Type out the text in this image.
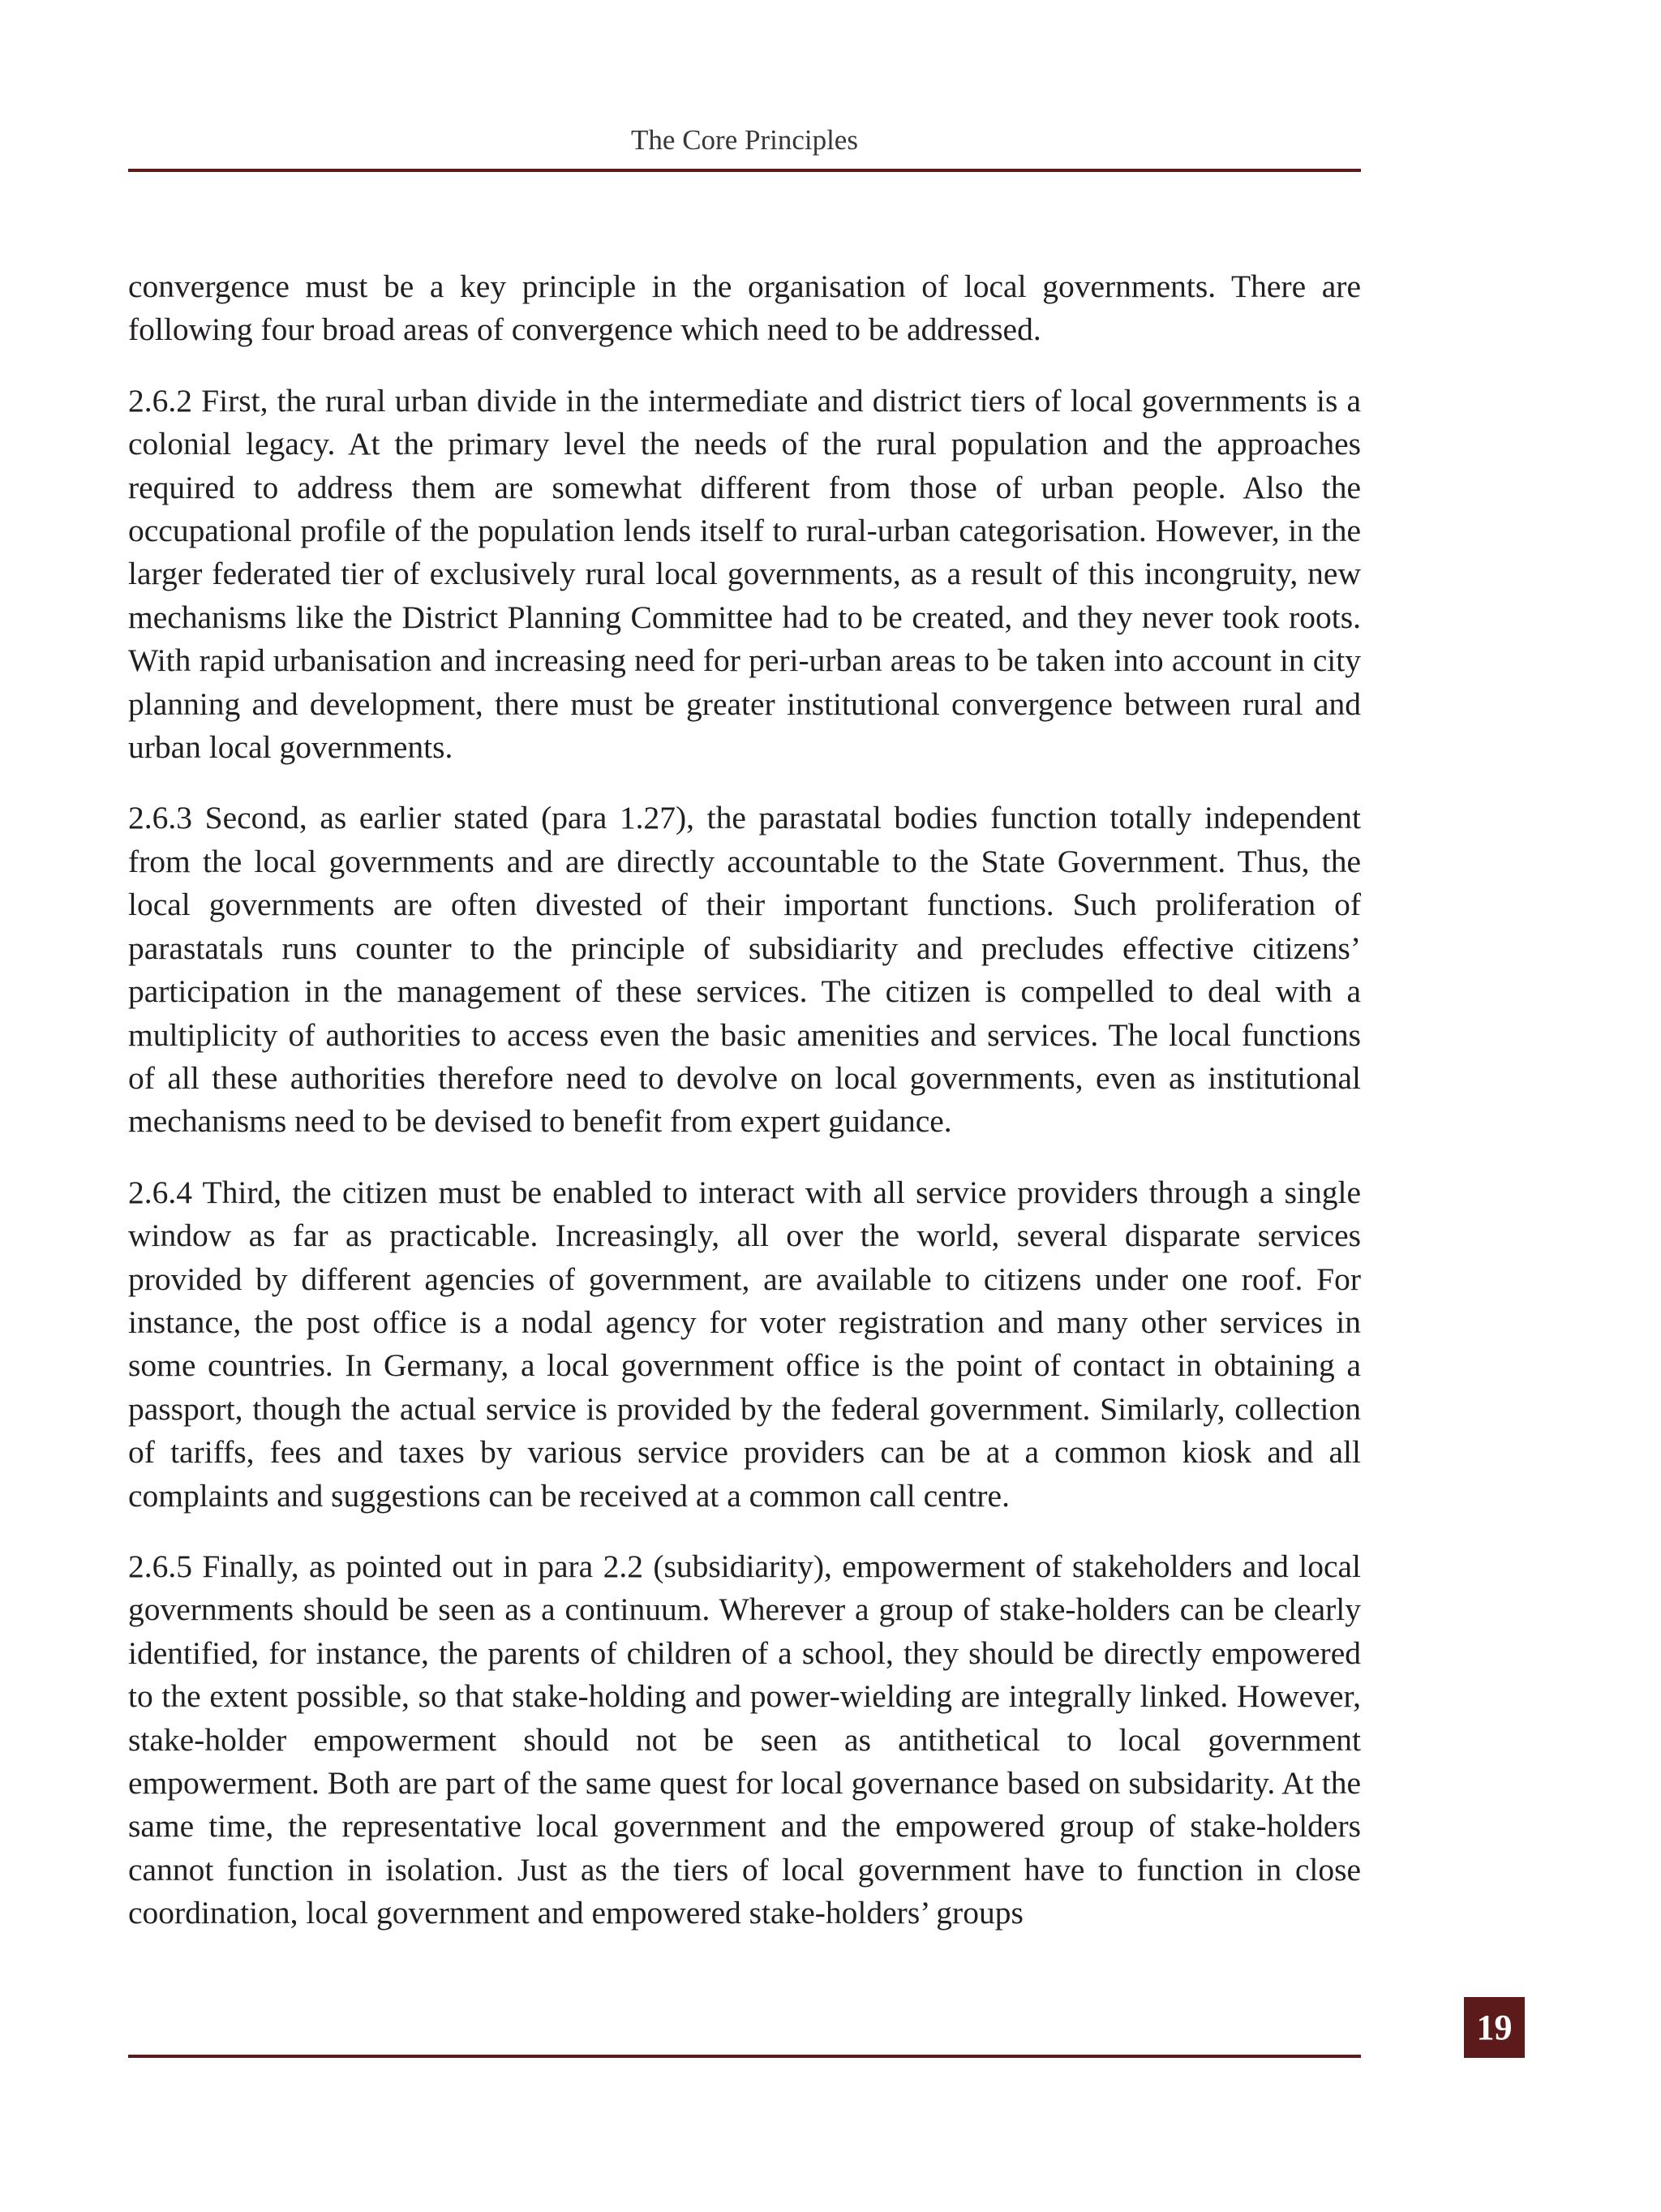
The Core Principles

convergence must be a key principle in the organisation of local governments. There are following four broad areas of convergence which need to be addressed.

2.6.2 First, the rural urban divide in the intermediate and district tiers of local governments is a colonial legacy. At the primary level the needs of the rural population and the approaches required to address them are somewhat different from those of urban people. Also the occupational profile of the population lends itself to rural-urban categorisation. However, in the larger federated tier of exclusively rural local governments, as a result of this incongruity, new mechanisms like the District Planning Committee had to be created, and they never took roots. With rapid urbanisation and increasing need for peri-urban areas to be taken into account in city planning and development, there must be greater institutional convergence between rural and urban local governments.

2.6.3 Second, as earlier stated (para 1.27), the parastatal bodies function totally independent from the local governments and are directly accountable to the State Government. Thus, the local governments are often divested of their important functions. Such proliferation of parastatals runs counter to the principle of subsidiarity and precludes effective citizens’ participation in the management of these services. The citizen is compelled to deal with a multiplicity of authorities to access even the basic amenities and services. The local functions of all these authorities therefore need to devolve on local governments, even as institutional mechanisms need to be devised to benefit from expert guidance.

2.6.4 Third, the citizen must be enabled to interact with all service providers through a single window as far as practicable. Increasingly, all over the world, several disparate services provided by different agencies of government, are available to citizens under one roof. For instance, the post office is a nodal agency for voter registration and many other services in some countries. In Germany, a local government office is the point of contact in obtaining a passport, though the actual service is provided by the federal government. Similarly, collection of tariffs, fees and taxes by various service providers can be at a common kiosk and all complaints and suggestions can be received at a common call centre.

2.6.5 Finally, as pointed out in para 2.2 (subsidiarity), empowerment of stakeholders and local governments should be seen as a continuum. Wherever a group of stake-holders can be clearly identified, for instance, the parents of children of a school, they should be directly empowered to the extent possible, so that stake-holding and power-wielding are integrally linked. However, stake-holder empowerment should not be seen as antithetical to local government empowerment. Both are part of the same quest for local governance based on subsidarity. At the same time, the representative local government and the empowered group of stake-holders cannot function in isolation. Just as the tiers of local government have to function in close coordination, local government and empowered stake-holders’ groups

19
